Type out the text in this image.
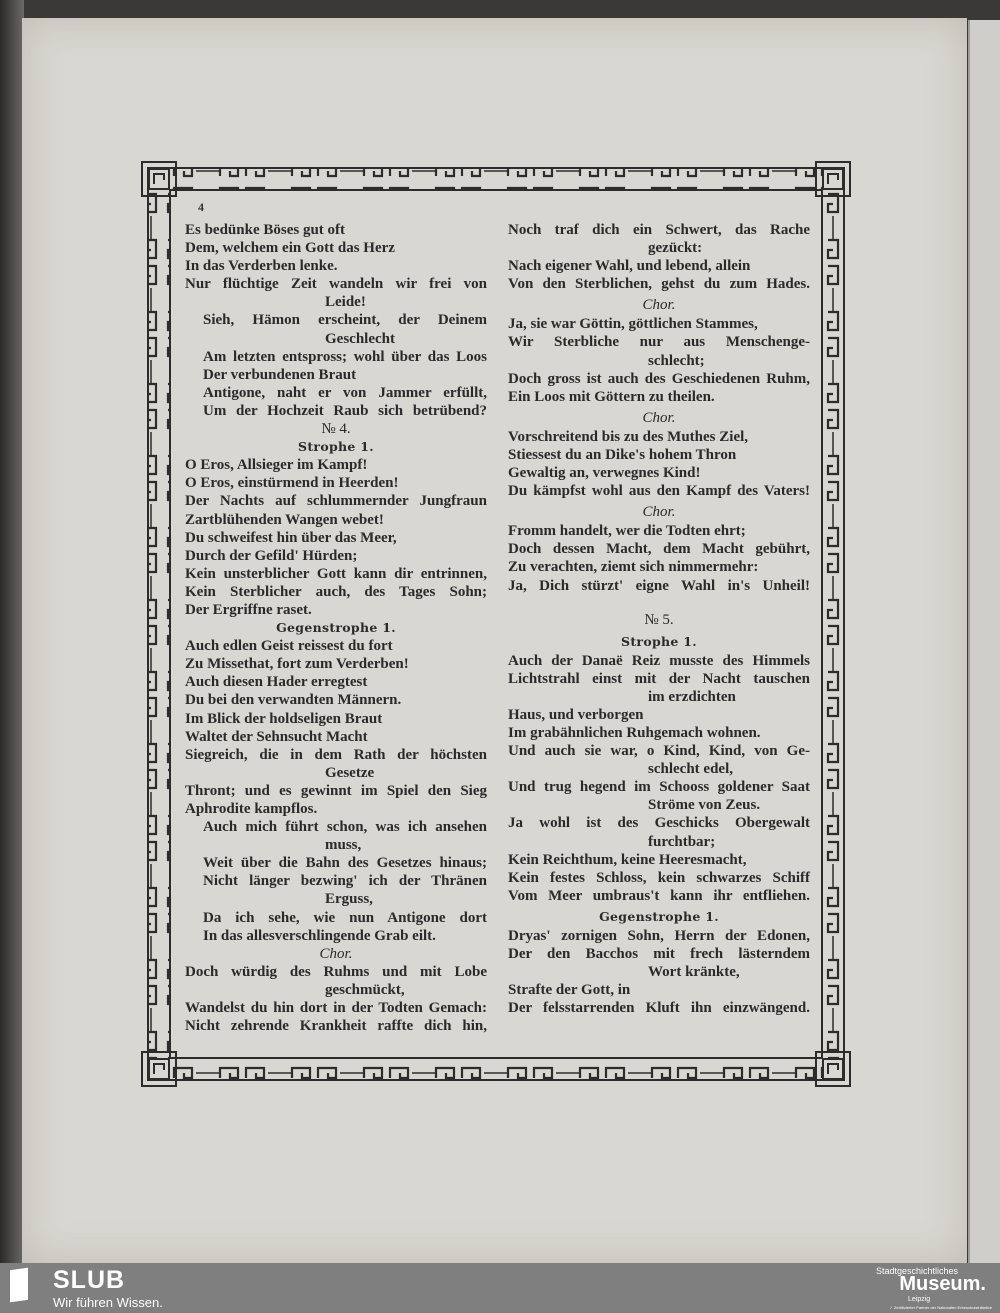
4
Es bedünke Böses gut oft
Dem, welchem ein Gott das Herz
In das Verderben lenke.
Nur flüchtige Zeit wandeln wir frei von
Leide!
Sieh, Hämon erscheint, der Deinem
Geschlecht
Am letzten entspross; wohl über das Loos
Der verbundenen Braut
Antigone, naht er von Jammer erfüllt,
Um der Hochzeit Raub sich betrübend?
№ 4.
Strophe 1.
O Eros, Allsieger im Kampf!
O Eros, einstürmend in Heerden!
Der Nachts auf schlummernder Jungfraun
Zartblühenden Wangen webet!
Du schweifest hin über das Meer,
Durch der Gefild' Hürden;
Kein unsterblicher Gott kann dir entrinnen,
Kein Sterblicher auch, des Tages Sohn;
Der Ergriffne raset.
Gegenstrophe 1.
Auch edlen Geist reissest du fort
Zu Missethat, fort zum Verderben!
Auch diesen Hader erregtest
Du bei den verwandten Männern.
Im Blick der holdseligen Braut
Waltet der Sehnsucht Macht
Siegreich, die in dem Rath der höchsten
Gesetze
Thront; und es gewinnt im Spiel den Sieg
Aphrodite kampflos.
Auch mich führt schon, was ich ansehen
muss,
Weit über die Bahn des Gesetzes hinaus;
Nicht länger bezwing' ich der Thränen
Erguss,
Da ich sehe, wie nun Antigone dort
In das allesverschlingende Grab eilt.
Chor.
Doch würdig des Ruhms und mit Lobe
geschmückt,
Wandelst du hin dort in der Todten Gemach:
Nicht zehrende Krankheit raffte dich hin,
Noch traf dich ein Schwert, das Rache
gezückt:
Nach eigener Wahl, und lebend, allein
Von den Sterblichen, gehst du zum Hades.
Chor.
Ja, sie war Göttin, göttlichen Stammes,
Wir Sterbliche nur aus Menschenge-
schlecht;
Doch gross ist auch des Geschiedenen Ruhm,
Ein Loos mit Göttern zu theilen.
Chor.
Vorschreitend bis zu des Muthes Ziel,
Stiessest du an Dike's hohem Thron
Gewaltig an, verwegnes Kind!
Du kämpfst wohl aus den Kampf des Vaters!
Chor.
Fromm handelt, wer die Todten ehrt;
Doch dessen Macht, dem Macht gebührt,
Zu verachten, ziemt sich nimmermehr:
Ja, Dich stürzt' eigne Wahl in's Unheil!
№ 5.
Strophe 1.
Auch der Danaë Reiz musste des Himmels
Lichtstrahl einst mit der Nacht tauschen
im erzdichten
Haus, und verborgen
Im grabähnlichen Ruhgemach wohnen.
Und auch sie war, o Kind, Kind, von Ge-
schlecht edel,
Und trug hegend im Schooss goldener Saat
Ströme von Zeus.
Ja wohl ist des Geschicks Obergewalt
furchtbar;
Kein Reichthum, keine Heeresmacht,
Kein festes Schloss, kein schwarzes Schiff
Vom Meer umbraus't kann ihr entfliehen.
Gegenstrophe 1.
Dryas' zornigen Sohn, Herrn der Edonen,
Der den Bacchos mit frech lästerndem
Wort kränkte,
Strafte der Gott, in
Der felsstarrenden Kluft ihn einzwängend.
SLUB
Wir führen Wissen.
Stadtgeschichtliches
Museum.
Leipzig
✓ Zertifizierter Partner der Nationalen Erbeschutzinitiative
